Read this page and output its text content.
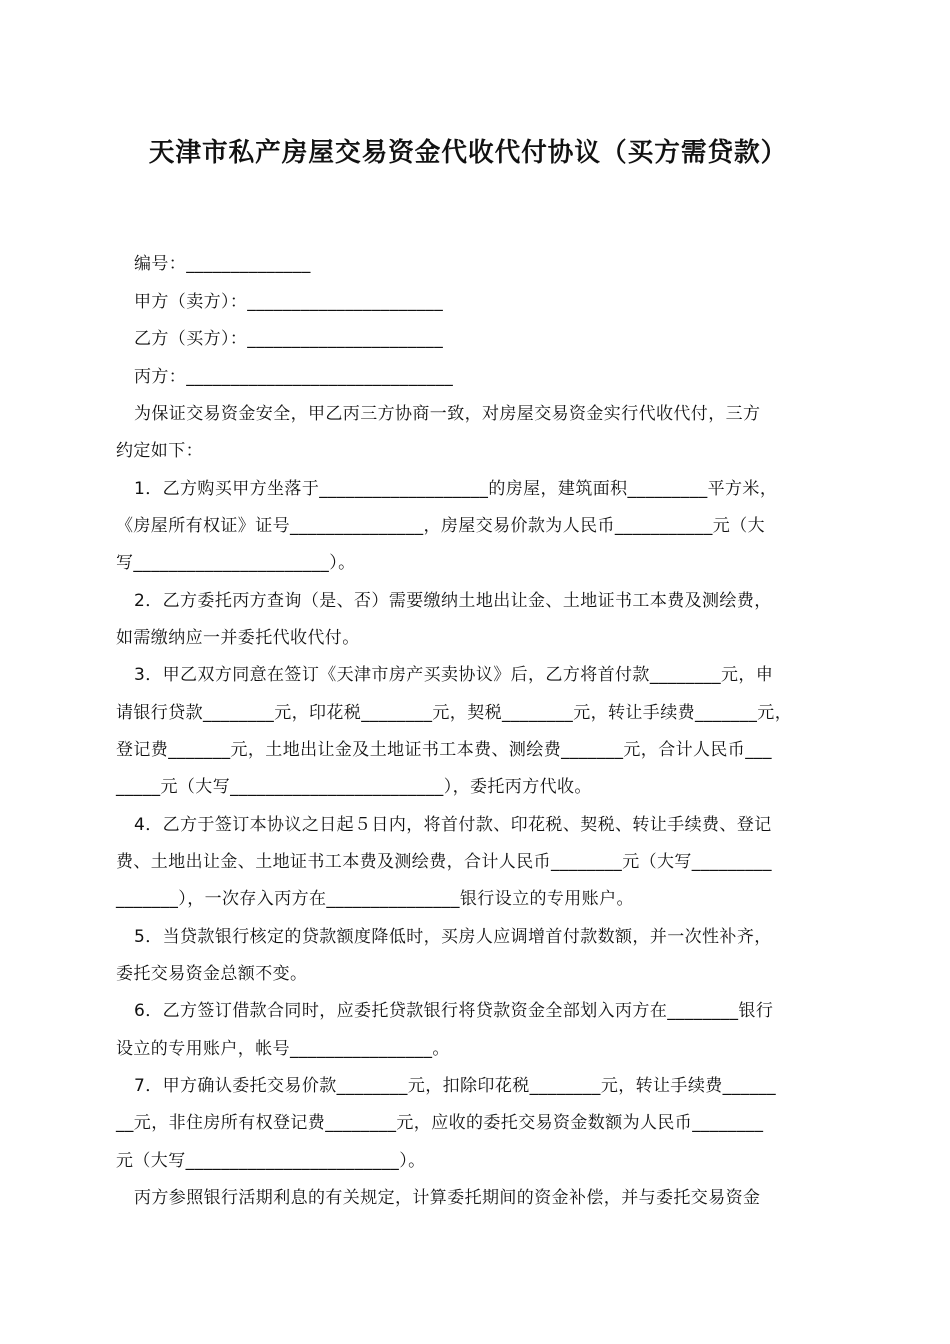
天津市私产房屋交易资金代收代付协议（买方需贷款）
编号：______________
甲方（卖方）：______________________
乙方（买方）：______________________
丙方：______________________________
为保证交易资金安全，甲乙丙三方协商一致，对房屋交易资金实行代收代付，三方
约定如下：
1．乙方购买甲方坐落于___________________的房屋，建筑面积_________平方米，
《房屋所有权证》证号_______________，房屋交易价款为人民币___________元（大
写______________________）。
2．乙方委托丙方查询（是、否）需要缴纳土地出让金、土地证书工本费及测绘费，
如需缴纳应一并委托代收代付。
3．甲乙双方同意在签订《天津市房产买卖协议》后，乙方将首付款________元，申
请银行贷款________元，印花税________元，契税________元，转让手续费_______元，
登记费_______元，土地出让金及土地证书工本费、测绘费_______元，合计人民币___
_____元（大写________________________），委托丙方代收。
4．乙方于签订本协议之日起５日内，将首付款、印花税、契税、转让手续费、登记
费、土地出让金、土地证书工本费及测绘费，合计人民币________元（大写_________
_______），一次存入丙方在_______________银行设立的专用账户。
5．当贷款银行核定的贷款额度降低时，买房人应调增首付款数额，并一次性补齐，
委托交易资金总额不变。
6．乙方签订借款合同时，应委托贷款银行将贷款资金全部划入丙方在________银行
设立的专用账户，帐号________________。
7．甲方确认委托交易价款________元，扣除印花税________元，转让手续费______
__元，非住房所有权登记费________元，应收的委托交易资金数额为人民币________
元（大写________________________）。
丙方参照银行活期利息的有关规定，计算委托期间的资金补偿，并与委托交易资金
